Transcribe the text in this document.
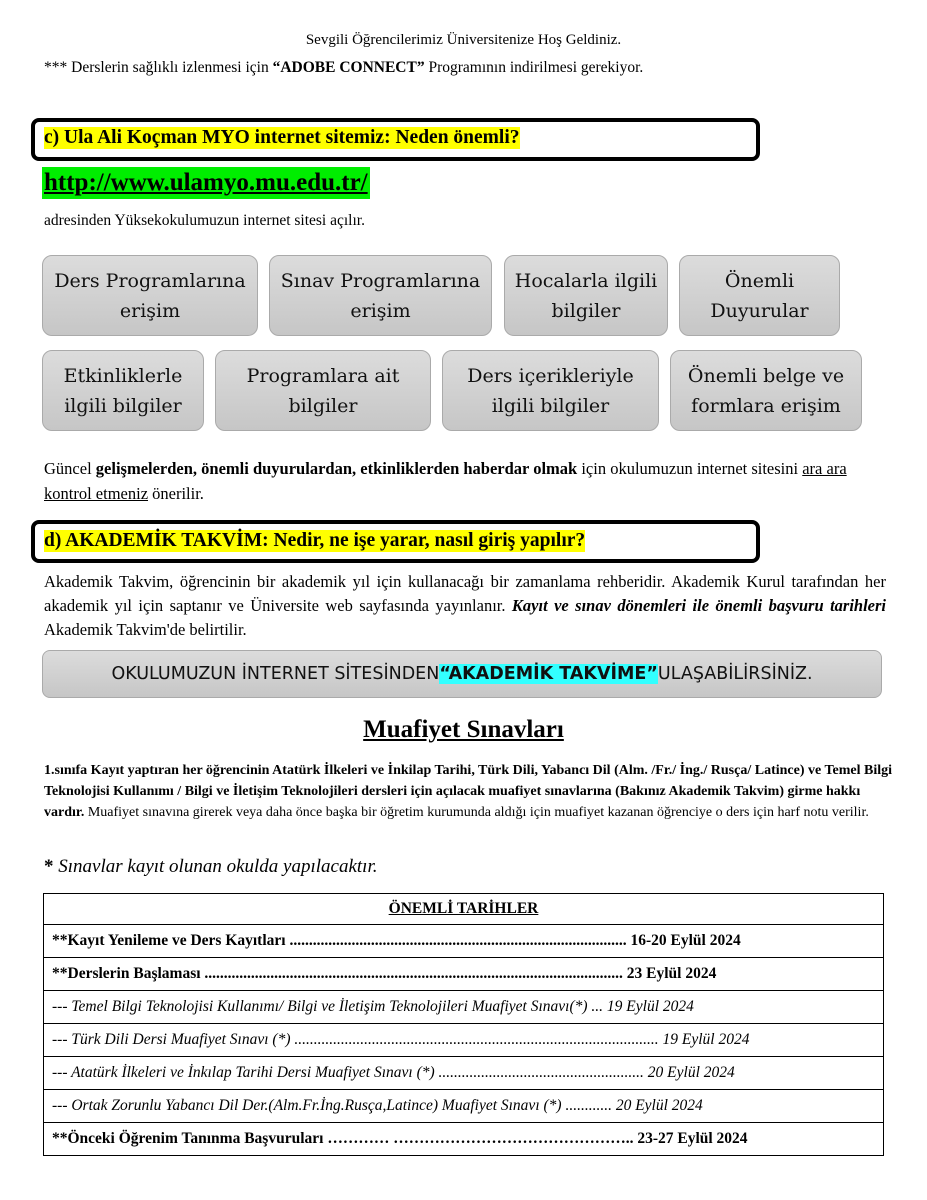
Sevgili Öğrencilerimiz Üniversitenize Hoş Geldiniz.
*** Derslerin sağlıklı izlenmesi için “ADOBE CONNECT” Programının indirilmesi gerekiyor.
c) Ula Ali Koçman MYO internet sitemiz: Neden önemli?
http://www.ulamyo.mu.edu.tr/
adresinden Yüksekokulumuzun internet sitesi açılır.
Ders Programlarına
erişim
Sınav Programlarına
erişim
Hocalarla ilgili
bilgiler
Önemli
Duyurular
Etkinliklerle
ilgili bilgiler
Programlara ait
bilgiler
Ders içerikleriyle
ilgili bilgiler
Önemli belge ve
formlara erişim
Güncel gelişmelerden, önemli duyurulardan, etkinliklerden haberdar olmak için okulumuzun internet sitesini ara ara kontrol etmeniz önerilir.
d) AKADEMİK TAKVİM: Nedir, ne işe yarar, nasıl giriş yapılır?
Akademik Takvim, öğrencinin bir akademik yıl için kullanacağı bir zamanlama rehberidir. Akademik Kurul tarafından her akademik yıl için saptanır ve Üniversite web sayfasında yayınlanır. Kayıt ve sınav dönemleri ile önemli başvuru tarihleri Akademik Takvim'de belirtilir.
OKULUMUZUN İNTERNET SİTESİNDEN “AKADEMİK TAKVİME” ULAŞABİLİRSİNİZ.
Muafiyet Sınavları
1.sınıfa Kayıt yaptıran her öğrencinin Atatürk İlkeleri ve İnkilap Tarihi, Türk Dili, Yabancı Dil (Alm. /Fr./ İng./ Rusça/ Latince) ve Temel Bilgi Teknolojisi Kullanımı / Bilgi ve İletişim Teknolojileri dersleri için açılacak muafiyet sınavlarına (Bakınız Akademik Takvim) girme hakkı vardır. Muafiyet sınavına girerek veya daha önce başka bir öğretim kurumunda aldığı için muafiyet kazanan öğrenciye o ders için harf notu verilir.
* Sınavlar kayıt olunan okulda yapılacaktır.
ÖNEMLİ TARİHLER
**Kayıt Yenileme ve Ders Kayıtları ....................................................................................... 16-20 Eylül 2024
**Derslerin Başlaması ............................................................................................................ 23 Eylül 2024
--- Temel Bilgi Teknolojisi Kullanımı/ Bilgi ve İletişim Teknolojileri Muafiyet Sınavı(*) ... 19 Eylül 2024
--- Türk Dili Dersi Muafiyet Sınavı (*) .............................................................................................. 19 Eylül 2024
--- Atatürk İlkeleri ve İnkılap Tarihi Dersi Muafiyet Sınavı (*) ..................................................... 20 Eylül 2024
--- Ortak Zorunlu Yabancı Dil Der.(Alm.Fr.İng.Rusça,Latince) Muafiyet Sınavı (*) ............ 20 Eylül 2024
**Önceki Öğrenim Tanınma Başvuruları ………… ……………………………………….. 23-27 Eylül 2024
